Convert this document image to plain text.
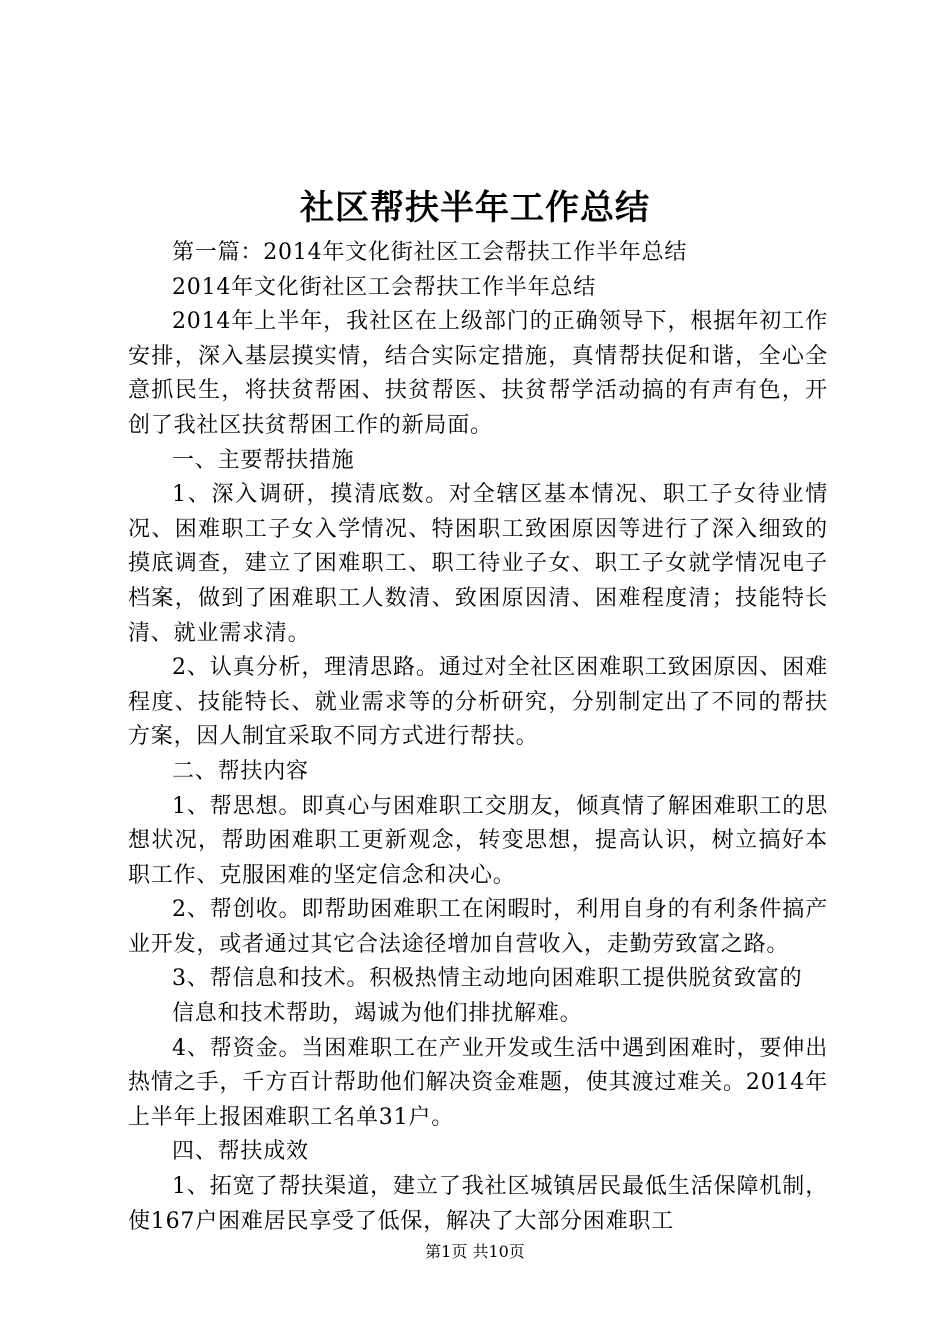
社区帮扶半年工作总结

第一篇：2014年文化街社区工会帮扶工作半年总结

2014年文化街社区工会帮扶工作半年总结

2014年上半年，我社区在上级部门的正确领导下，根据年初工作安排，深入基层摸实情，结合实际定措施，真情帮扶促和谐，全心全意抓民生，将扶贫帮困、扶贫帮医、扶贫帮学活动搞的有声有色，开创了我社区扶贫帮困工作的新局面。

一、主要帮扶措施

1、深入调研，摸清底数。对全辖区基本情况、职工子女待业情况、困难职工子女入学情况、特困职工致困原因等进行了深入细致的摸底调查，建立了困难职工、职工待业子女、职工子女就学情况电子档案，做到了困难职工人数清、致困原因清、困难程度清；技能特长清、就业需求清。

2、认真分析，理清思路。通过对全社区困难职工致困原因、困难程度、技能特长、就业需求等的分析研究，分别制定出了不同的帮扶方案，因人制宜采取不同方式进行帮扶。

二、帮扶内容

1、帮思想。即真心与困难职工交朋友，倾真情了解困难职工的思想状况，帮助困难职工更新观念，转变思想，提高认识，树立搞好本职工作、克服困难的坚定信念和决心。

2、帮创收。即帮助困难职工在闲暇时，利用自身的有利条件搞产业开发，或者通过其它合法途径增加自营收入，走勤劳致富之路。

3、帮信息和技术。积极热情主动地向困难职工提供脱贫致富的

信息和技术帮助，竭诚为他们排扰解难。

4、帮资金。当困难职工在产业开发或生活中遇到困难时，要伸出热情之手，千方百计帮助他们解决资金难题，使其渡过难关。2014年上半年上报困难职工名单31户。

四、帮扶成效

1、拓宽了帮扶渠道，建立了我社区城镇居民最低生活保障机制，使167户困难居民享受了低保，解决了大部分困难职工

第1页 共10页
